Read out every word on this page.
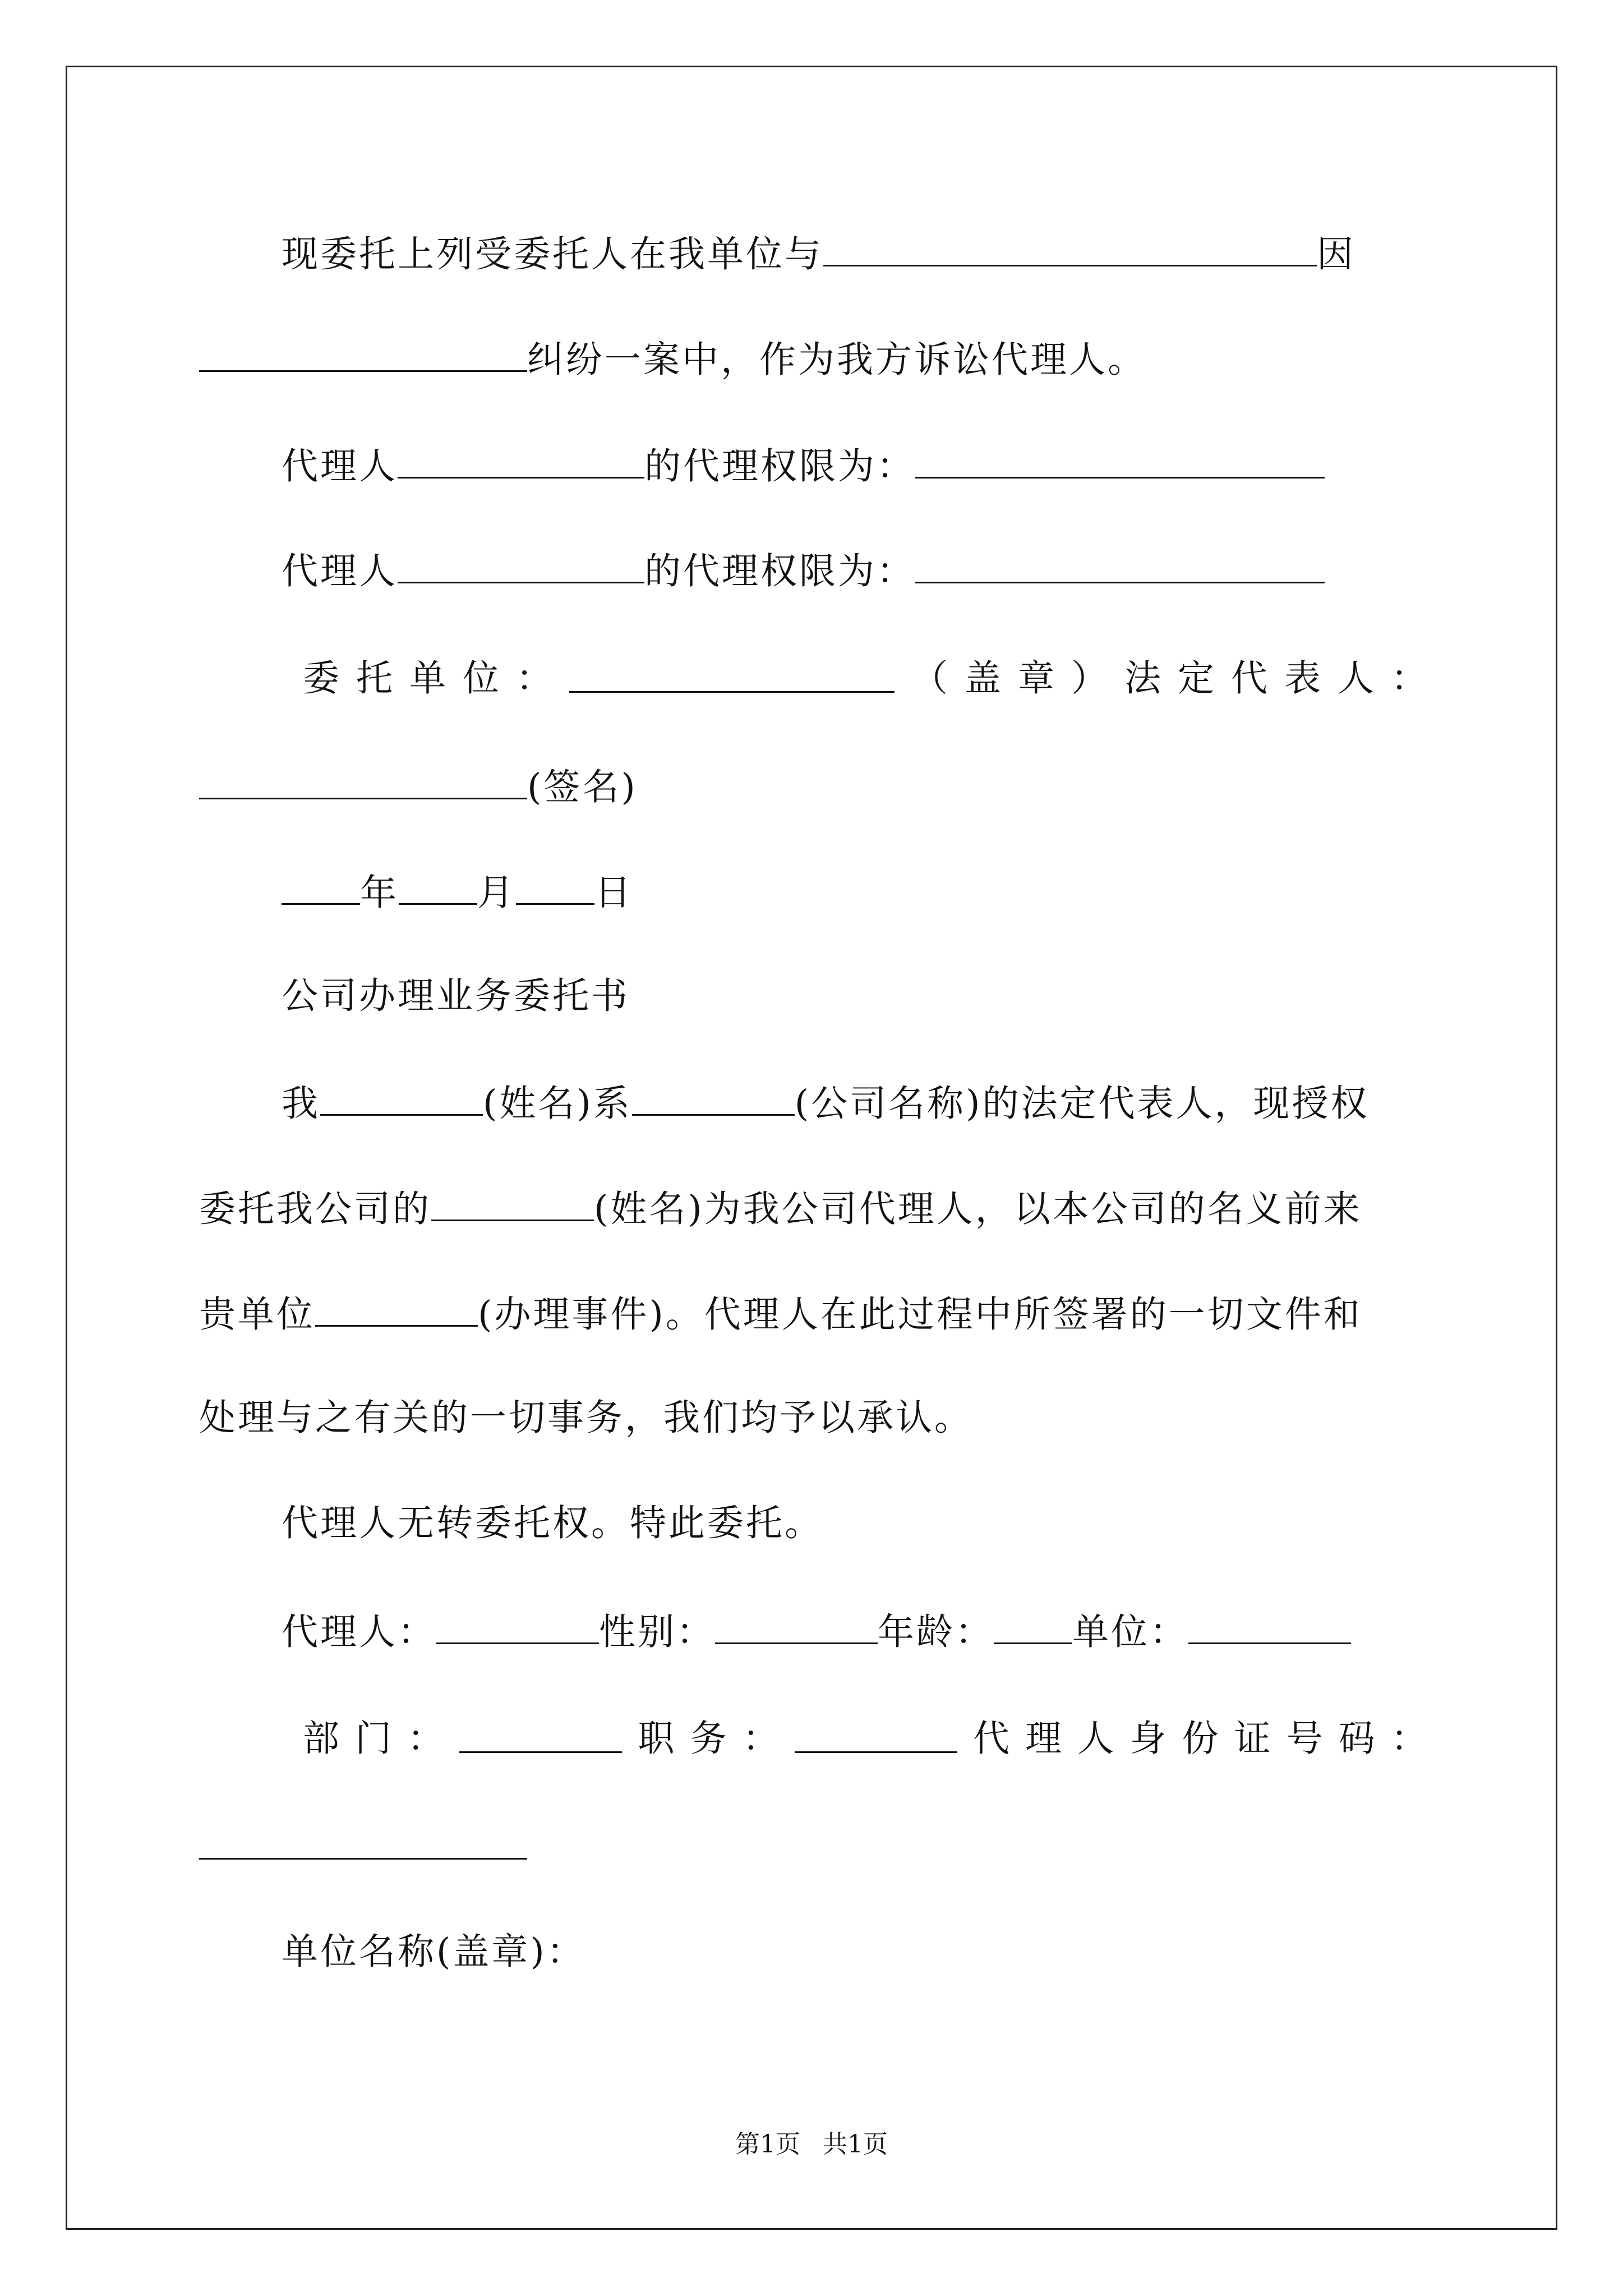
现委托上列受委托人在我单位与	因
纠纷一案中，作为我方诉讼代理人。
代理人	的代理权限为：
代理人	的代理权限为：
委 托 单 位 ：	（ 盖 章 ） 法 定 代 表 人 ：
(签名)
年 月 日
公司办理业务委托书
我	(姓名)系	(公司名称)的法定代表人，现授权
委托我公司的	(姓名)为我公司代理人，以本公司的名义前来
贵单位	(办理事件)。代理人在此过程中所签署的一切文件和
处理与之有关的一切事务，我们均予以承认。
代理人无转委托权。特此委托。
代理人：	性别：	年龄： 单位：
部 门 ：	职 务 ：	代 理 人 身 份 证 号 码 ：
单位名称(盖章)：
第1页 共1页
